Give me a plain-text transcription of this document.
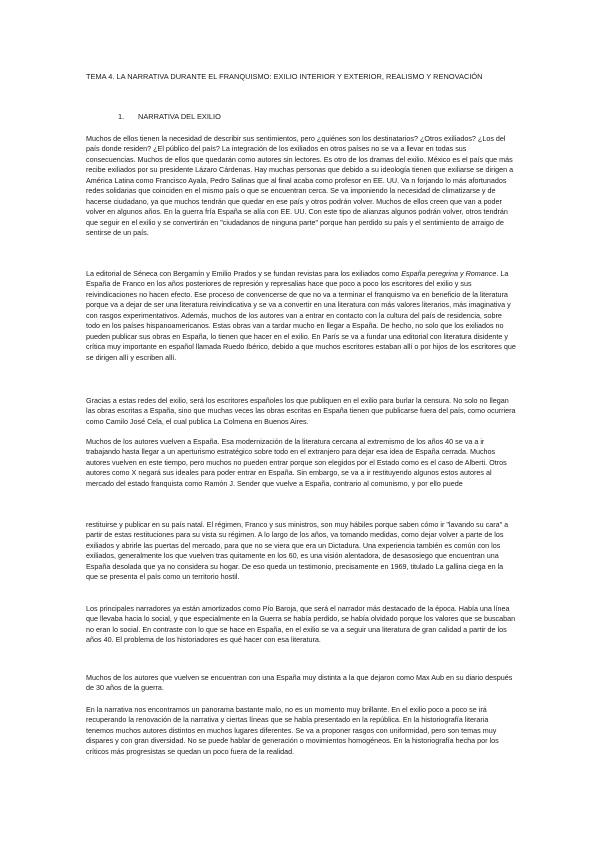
TEMA 4. LA NARRATIVA DURANTE EL FRANQUISMO: EXILIO INTERIOR Y EXTERIOR, REALISMO Y RENOVACIÓN
1. NARRATIVA DEL EXILIO

Muchos de ellos tienen la necesidad de describir sus sentimientos, pero ¿quiénes son los destinatarios? ¿Otros exiliados? ¿Los del país donde residen? ¿El público del país? La integración de los exiliados en otros países no se va a llevar en todas sus consecuencias. Muchos de ellos que quedarán como autores sin lectores. Es otro de los dramas del exilio. México es el país que más recibe exiliados por su presidente Lázaro Cárdenas. Hay muchas personas que debido a su ideología tienen que exiliarse se dirigen a América Latina como Francisco Ayala, Pedro Salinas que al final acaba como profesor en EE. UU. Va n forjando lo más afortunados redes solidarias que coinciden en el mismo país o que se encuentran cerca. Se va imponiendo la necesidad de climatizarse y de hacerse ciudadano, ya que muchos tendrán que quedar en ese país y otros podrán volver. Muchos de ellos creen que van a poder volver en algunos años. En la guerra fría España se alía con EE. UU. Con este tipo de alianzas algunos podrán volver, otros tendrán que seguir en el exilio y se convertirán en "ciudadanos de ninguna parte" porque han perdido su país y el sentimiento de arraigo de sentirse de un país.

La editorial de Séneca con Bergamín y Emilio Prados y se fundan revistas para los exiliados como España peregrina y Romance. La España de Franco en los años posteriores de represión y represalias hace que poco a poco los escritores del exilio y sus reivindicaciones no hacen efecto. Ese proceso de convencerse de que no va a terminar el franquismo va en beneficio de la literatura porque va a dejar de ser una literatura reivindicativa y se va a convertir en una literatura con más valores literarios, más imaginativa y con rasgos experimentativos. Además, muchos de los autores van a entrar en contacto con la cultura del país de residencia, sobre todo en los países hispanoamericanos. Estas obras van a tardar mucho en llegar a España. De hecho, no solo que los exiliados no pueden publicar sus obras en España, lo tienen que hacer en el exilio. En París se va a fundar una editorial con literatura disidente y crítica muy importante en español llamada Ruedo Ibérico, debido a que muchos escritores estaban allí o por hijos de los escritores que se dirigen allí y escriben allí.

Gracias a estas redes del exilio, será los escritores españoles los que publiquen en el exilio para burlar la censura. No solo no llegan las obras escritas a España, sino que muchas veces las obras escritas en España tienen que publicarse fuera del país, como ocurriera como Camilo José Cela, el cual publica La Colmena en Buenos Aires.

Muchos de los autores vuelven a España. Esa modernización de la literatura cercana al extremismo de los años 40 se va a ir trabajando hasta llegar a un aperturismo estratégico sobre todo en el extranjero para dejar esa idea de España cerrada. Muchos autores vuelven en este tiempo, pero muchos no pueden entrar porque son elegidos por el Estado como es el caso de Alberti. Otros autores como X negará sus ideales para poder entrar en España. Sin embargo, se va a ir restituyendo algunos estos autores al mercado del estado franquista como Ramón J. Sender que vuelve a España, contrario al comunismo, y por ello puede

restituirse y publicar en su país natal. El régimen, Franco y sus ministros, son muy hábiles porque saben cómo ir "lavando su cara" a partir de estas restituciones para su vista su régimen. A lo largo de los años, va tomando medidas, como dejar volver a parte de los exiliados y abrirle las puertas del mercado, para que no se viera que era un Dictadura. Una experiencia también es común con los exiliados, generalmente los que vuelven tras quitamente en los 60, es una visión alentadora, de desasosiego que encuentran una España desolada que ya no considera su hogar. De eso queda un testimonio, precisamente en 1969, titulado La gallina ciega en la que se presenta el país como un territorio hostil.

Los principales narradores ya están amortizados como Pío Baroja, que será el narrador más destacado de la época. Había una línea que llevaba hacia lo social, y que especialmente en la Guerra se había perdido, se había olvidado porque los valores que se buscaban no eran lo social. En contraste con lo que se hace en España, en el exilio se va a seguir una literatura de gran calidad a partir de los años 40. El problema de los historiadores es qué hacer con esa literatura.

Muchos de los autores que vuelven se encuentran con una España muy distinta a la que dejaron como Max Aub en su diario después de 30 años de la guerra.

En la narrativa nos encontramos un panorama bastante malo, no es un momento muy brillante. En el exilio poco a poco se irá recuperando la renovación de la narrativa y ciertas líneas que se había presentado en la república. En la historiografía literaria tenemos muchos autores distintos en muchos lugares diferentes. Se va a proponer rasgos con uniformidad, pero son temas muy dispares y con gran diversidad. No se puede hablar de generación o movimientos homogéneos. En la historiografía hecha por los críticos más progresistas se quedan un poco fuera de la realidad.
